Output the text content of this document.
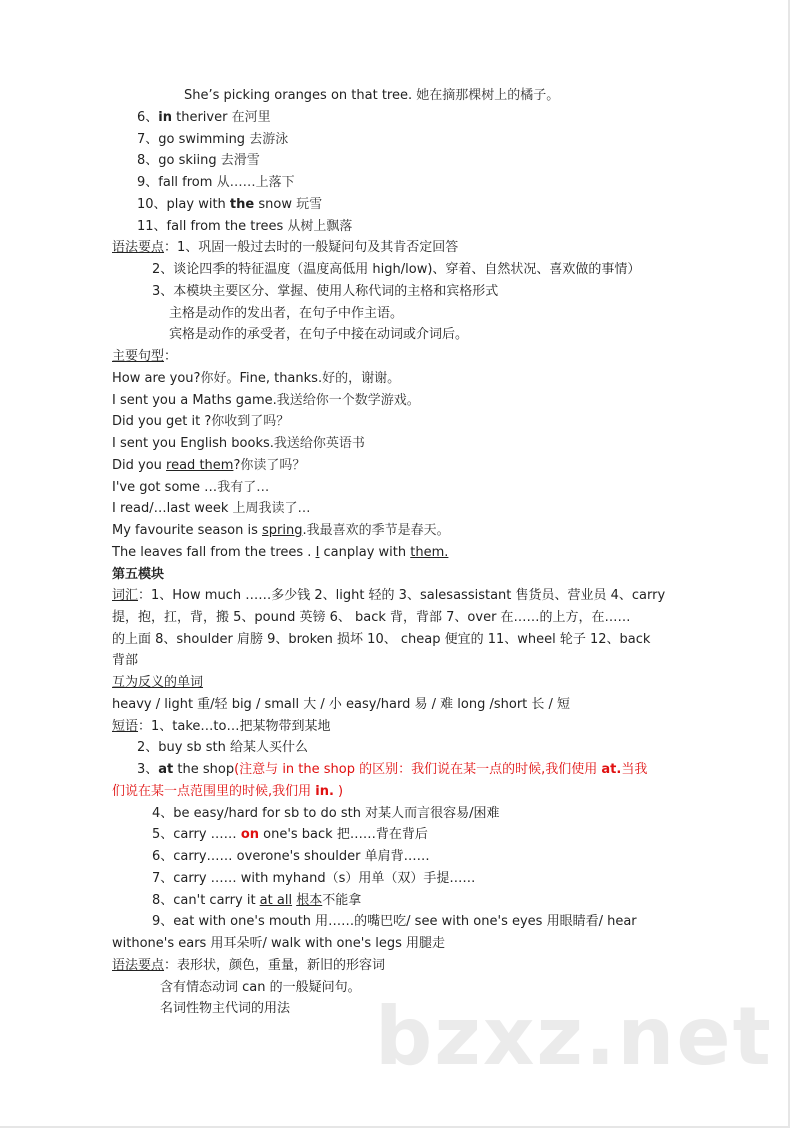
She’s picking oranges on that tree. 她在摘那棵树上的橘子。
6、in theriver 在河里
7、go swimming 去游泳
8、go skiing 去滑雪
9、fall from 从……上落下
10、play with the snow 玩雪
11、fall from the trees 从树上飘落
语法要点：1、巩固一般过去时的一般疑问句及其肯否定回答
2、谈论四季的特征温度（温度高低用 high/low)、穿着、自然状况、喜欢做的事情）
3、本模块主要区分、掌握、使用人称代词的主格和宾格形式
主格是动作的发出者，在句子中作主语。
宾格是动作的承受者，在句子中接在动词或介词后。
主要句型：
How are you?你好。Fine, thanks.好的，谢谢。
I sent you a Maths game.我送给你一个数学游戏。
Did you get it ?你收到了吗？
I sent you English books.我送给你英语书
Did you read them?你读了吗？
I've got some …我有了…
I read/…last week 上周我读了…
My favourite season is spring.我最喜欢的季节是春天。
The leaves fall from the trees . I canplay with them.
第五模块
词汇：1、How much ……多少钱 2、light 轻的 3、salesassistant 售货员、营业员 4、carry
提，抱，扛，背，搬 5、pound 英镑 6、 back 背，背部 7、over 在……的上方，在……
的上面 8、shoulder 肩膀 9、broken 损坏 10、 cheap 便宜的 11、wheel 轮子 12、back
背部
互为反义的单词
heavy / light 重/轻 big / small 大 / 小 easy/hard 易 / 难 long /short 长 / 短
短语：1、take…to…把某物带到某地
2、buy sb sth 给某人买什么
3、at the shop(注意与 in the shop 的区别：我们说在某一点的时候,我们使用 at.当我
们说在某一点范围里的时候,我们用 in. )
4、be easy/hard for sb to do sth 对某人而言很容易/困难
5、carry …… on one's back 把……背在背后
6、carry…… overone's shoulder 单肩背……
7、carry …… with myhand（s）用单（双）手提……
8、can't carry it at all 根本不能拿
9、eat with one's mouth 用……的嘴巴吃/ see with one's eyes 用眼睛看/ hear
withone's ears 用耳朵听/ walk with one's legs 用腿走
语法要点：表形状，颜色，重量，新旧的形容词
含有情态动词 can 的一般疑问句。
名词性物主代词的用法 bzxz.net
